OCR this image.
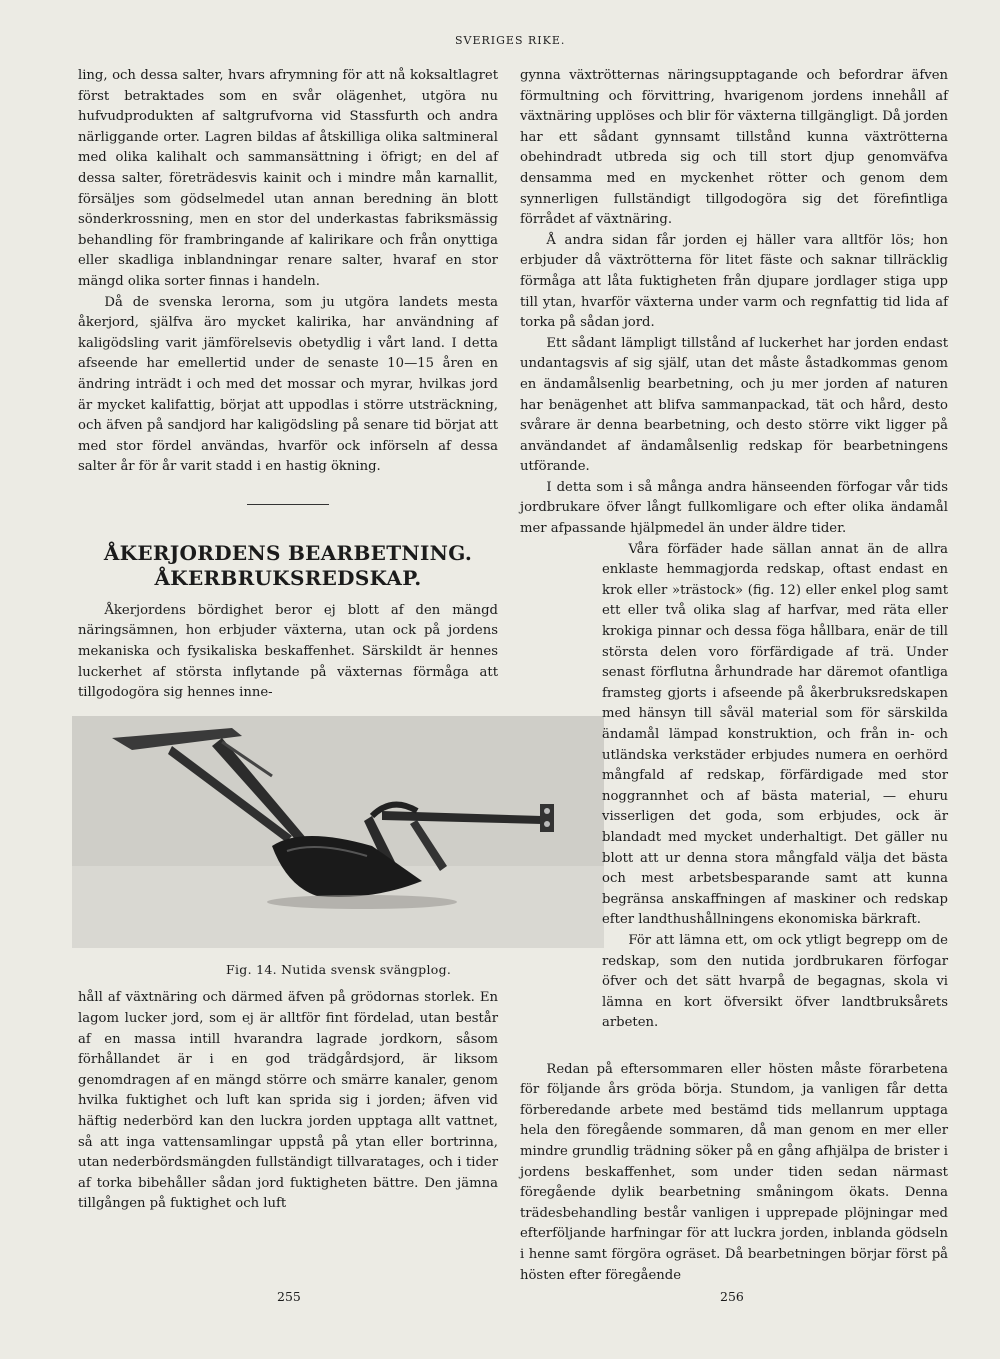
SVERIGES RIKE.

ling, och dessa salter, hvars afrymning för att nå koksaltlagret först betraktades som en svår olägenhet, utgöra nu hufvudprodukten af saltgrufvorna vid Stassfurth och andra närliggande orter. Lagren bildas af åtskilliga olika saltmineral med olika kalihalt och sammansättning i öfrigt; en del af dessa salter, företrädesvis kainit och i mindre mån karnallit, försäljes som gödselmedel utan annan beredning än blott sönderkrossning, men en stor del underkastas fabriksmässig behandling för frambringande af kalirikare och från onyttiga eller skadliga inblandningar renare salter, hvaraf en stor mängd olika sorter finnas i handeln.

Då de svenska lerorna, som ju utgöra landets mesta åkerjord, själfva äro mycket kalirika, har användning af kaligödsling varit jämförelsevis obetydlig i vårt land. I detta afseende har emellertid under de senaste 10—15 åren en ändring inträdt i och med det mossar och myrar, hvilkas jord är mycket kalifattig, börjat att uppodlas i större utsträckning, och äfven på sandjord har kaligödsling på senare tid börjat att med stor fördel användas, hvarför ock införseln af dessa salter år för år varit stadd i en hastig ökning.

ÅKERJORDENS BEARBETNING.
ÅKERBRUKSREDSKAP.

Åkerjordens bördighet beror ej blott af den mängd näringsämnen, hon erbjuder växterna, utan ock på jordens mekaniska och fysikaliska beskaffenhet. Särskildt är hennes luckerhet af största inflytande på växternas förmåga att tillgodogöra sig hennes inne-

Fig. 14. Nutida svensk svängplog.

håll af växtnäring och därmed äfven på grödornas storlek. En lagom lucker jord, som ej är alltför fint fördelad, utan består af en massa intill hvarandra lagrade jordkorn, såsom förhållandet är i en god trädgårdsjord, är liksom genomdragen af en mängd större och smärre kanaler, genom hvilka fuktighet och luft kan sprida sig i jorden; äfven vid häftig nederbörd kan den luckra jorden upptaga allt vattnet, så att inga vattensamlingar uppstå på ytan eller bortrinna, utan nederbördsmängden fullständigt tillvaratages, och i tider af torka bibehåller sådan jord fuktigheten bättre. Den jämna tillgången på fuktighet och luft

gynna växtrötternas näringsupptagande och befordrar äfven förmultning och förvittring, hvarigenom jordens innehåll af växtnäring upplöses och blir för växterna tillgängligt. Då jorden har ett sådant gynnsamt tillstånd kunna växtrötterna obehindradt utbreda sig och till stort djup genomväfva densamma med en myckenhet rötter och genom dem synnerligen fullständigt tillgodogöra sig det förefintliga förrådet af växtnäring.

Å andra sidan får jorden ej häller vara alltför lös; hon erbjuder då växtrötterna för litet fäste och saknar tillräcklig förmåga att låta fuktigheten från djupare jordlager stiga upp till ytan, hvarför växterna under varm och regnfattig tid lida af torka på sådan jord.

Ett sådant lämpligt tillstånd af luckerhet har jorden endast undantagsvis af sig själf, utan det måste åstadkommas genom en ändamålsenlig bearbetning, och ju mer jorden af naturen har benägenhet att blifva sammanpackad, tät och hård, desto svårare är denna bearbetning, och desto större vikt ligger på användandet af ändamålsenlig redskap för bearbetningens utförande.

I detta som i så många andra hänseenden förfogar vår tids jordbrukare öfver långt fullkomligare och efter olika ändamål mer afpassande hjälpmedel än under äldre tider.

Våra förfäder hade sällan annat än de allra enklaste hemmagjorda redskap, oftast endast en krok eller »trästock» (fig. 12) eller enkel plog samt ett eller två olika slag af harfvar, med räta eller krokiga pinnar och dessa föga hållbara, enär de till största delen voro förfärdigade af trä. Under senast förflutna århundrade har däremot ofantliga framsteg gjorts i afseende på åkerbruksredskapen med hänsyn till såväl material som för särskilda ändamål lämpad konstruktion, och från in- och utländska verkstäder erbjudes numera en oerhörd mångfald af redskap, förfärdigade med stor noggrannhet och af bästa material, — ehuru visserligen det goda, som erbjudes, ock är blandadt med mycket underhaltigt. Det gäller nu blott att ur denna stora mångfald välja det bästa och mest arbetsbesparande samt att kunna begränsa anskaffningen af maskiner och redskap efter landthushållningens ekonomiska bärkraft.

För att lämna ett, om ock ytligt begrepp om de redskap, som den nutida jordbrukaren förfogar öfver och det sätt hvarpå de begagnas, skola vi lämna en kort öfversikt öfver landtbruksårets arbeten.

Redan på eftersommaren eller hösten måste förarbetena för följande års gröda börja. Stundom, ja vanligen får detta förberedande arbete med bestämd tids mellanrum upptaga hela den föregående sommaren, då man genom en mer eller mindre grundlig trädning söker på en gång afhjälpa de brister i jordens beskaffenhet, som under tiden sedan närmast föregående dylik bearbetning småningom ökats. Denna trädesbehandling består vanligen i upprepade plöjningar med efterföljande harfningar för att luckra jorden, inblanda gödseln i henne samt förgöra ogräset. Då bearbetningen börjar först på hösten efter föregående

255	256
